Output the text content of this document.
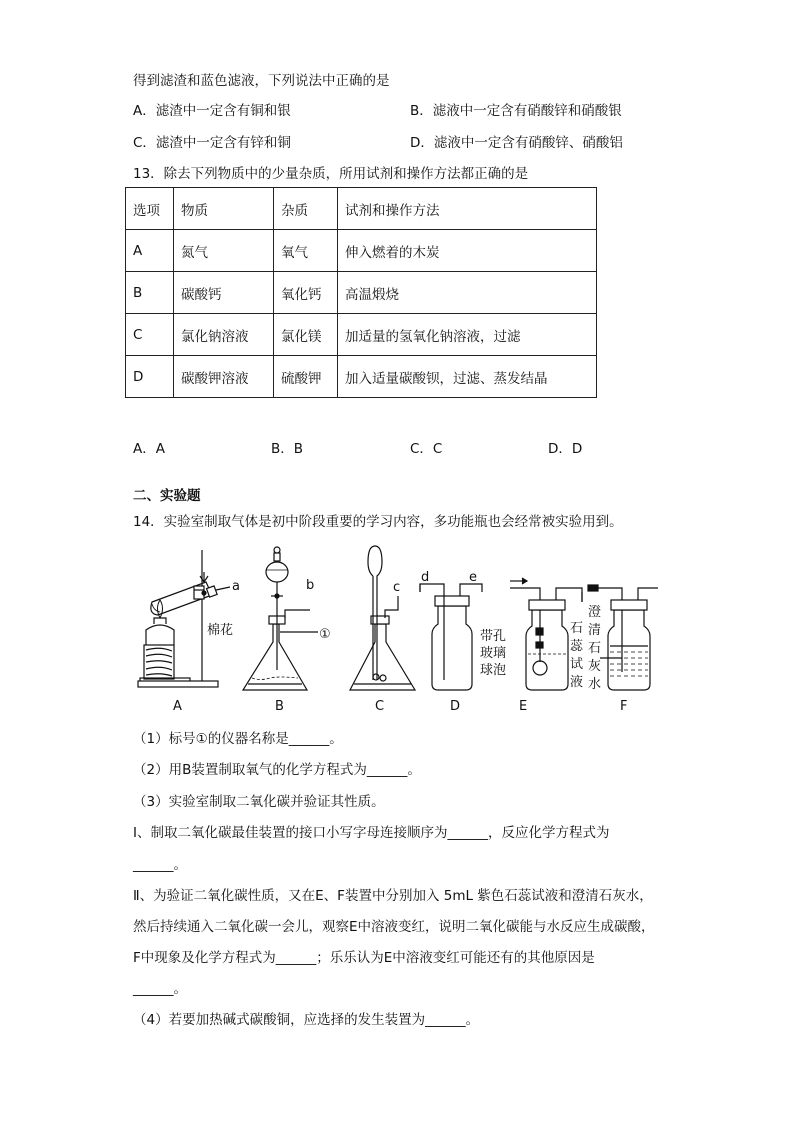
得到滤渣和蓝色滤液，下列说法中正确的是
A．滤渣中一定含有铜和银	B．滤液中一定含有硝酸锌和硝酸银
C．滤渣中一定含有锌和铜	D．滤液中一定含有硝酸锌、硝酸铝
13．除去下列物质中的少量杂质，所用试剂和操作方法都正确的是
选项	物质	杂质	试剂和操作方法
A	氮气	氧气	伸入燃着的木炭
B	碳酸钙	氧化钙	高温煅烧
C	氯化钠溶液	氯化镁	加适量的氢氧化钠溶液，过滤
D	碳酸钾溶液	硫酸钾	加入适量碳酸钡，过滤、蒸发结晶
A．A	B．B	C．C	D．D
二、实验题
14．实验室制取气体是初中阶段重要的学习内容，多功能瓶也会经常被实验用到。
a
棉花
b
①
c
d	e
带孔
玻璃
球泡
石
蕊
试
液
澄
清
石
灰
水
A	B	C	D	E	F
（1）标号①的仪器名称是______。
（2）用B装置制取氧气的化学方程式为______。
（3）实验室制取二氧化碳并验证其性质。
Ⅰ、制取二氧化碳最佳装置的接口小写字母连接顺序为______，反应化学方程式为
______。
Ⅱ、为验证二氧化碳性质，又在E、F装置中分别加入 5mL 紫色石蕊试液和澄清石灰水，
然后持续通入二氧化碳一会儿，观察E中溶液变红，说明二氧化碳能与水反应生成碳酸，
F中现象及化学方程式为______；乐乐认为E中溶液变红可能还有的其他原因是
______。
（4）若要加热碱式碳酸铜，应选择的发生装置为______。
